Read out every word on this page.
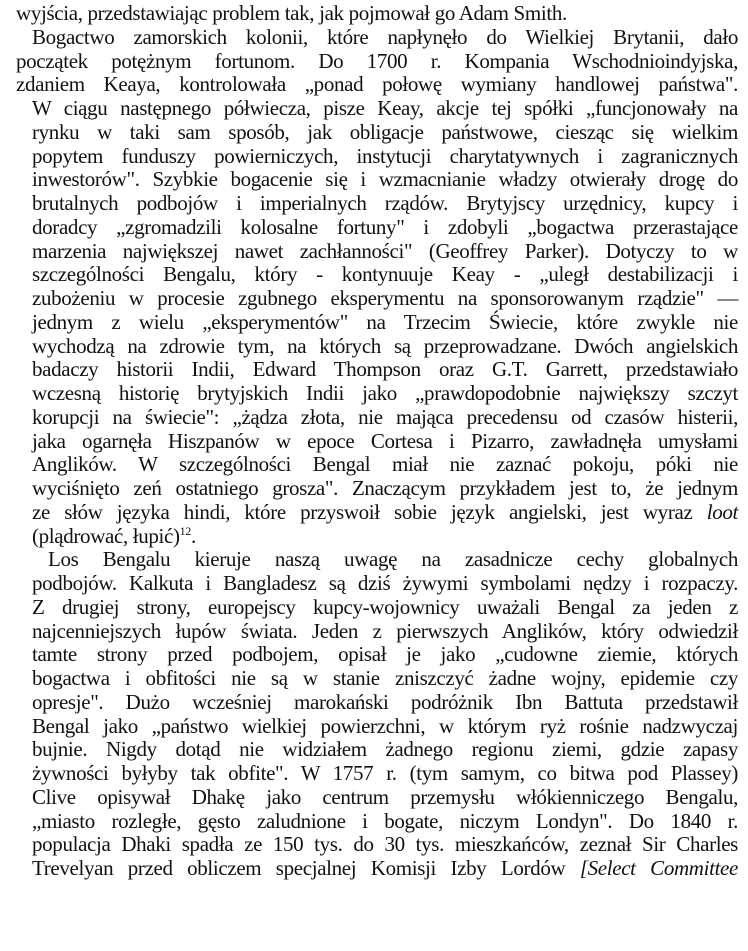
wyjścia, przedstawiając problem tak, jak pojmował go Adam Smith.
Bogactwo zamorskich kolonii, które napłynęło do Wielkiej Brytanii, dało
początek potężnym fortunom. Do 1700 r. Kompania Wschodnioindyjska,
zdaniem Keaya, kontrolowała „ponad połowę wymiany handlowej państwa".
W ciągu następnego półwiecza, pisze Keay, akcje tej spółki „funcjonowały na
rynku w taki sam sposób, jak obligacje państwowe, ciesząc się wielkim
popytem funduszy powierniczych, instytucji charytatywnych i zagranicznych
inwestorów". Szybkie bogacenie się i wzmacnianie władzy otwierały drogę do
brutalnych podbojów i imperialnych rządów. Brytyjscy urzędnicy, kupcy i
doradcy „zgromadzili kolosalne fortuny" i zdobyli „bogactwa przerastające
marzenia największej nawet zachłanności" (Geoffrey Parker). Dotyczy to w
szczególności Bengalu, który - kontynuuje Keay - „uległ destabilizacji i
zubożeniu w procesie zgubnego eksperymentu na sponsorowanym rządzie" —
jednym z wielu „eksperymentów" na Trzecim Świecie, które zwykle nie
wychodzą na zdrowie tym, na których są przeprowadzane. Dwóch angielskich
badaczy historii Indii, Edward Thompson oraz G.T. Garrett, przedstawiało
wczesną historię brytyjskich Indii jako „prawdopodobnie największy szczyt
korupcji na świecie": „żądza złota, nie mająca precedensu od czasów histerii,
jaka ogarnęła Hiszpanów w epoce Cortesa i Pizarro, zawładnęła umysłami
Anglików. W szczególności Bengal miał nie zaznać pokoju, póki nie
wyciśnięto zeń ostatniego grosza". Znaczącym przykładem jest to, że jednym
ze słów języka hindi, które przyswoił sobie język angielski, jest wyraz loot
(plądrować, łupić)$^{12}$.
Los Bengalu kieruje naszą uwagę na zasadnicze cechy globalnych
podbojów. Kalkuta i Bangladesz są dziś żywymi symbolami nędzy i rozpaczy.
Z drugiej strony, europejscy kupcy-wojownicy uważali Bengal za jeden z
najcenniejszych łupów świata. Jeden z pierwszych Anglików, który odwiedził
tamte strony przed podbojem, opisał je jako „cudowne ziemie, których
bogactwa i obfitości nie są w stanie zniszczyć żadne wojny, epidemie czy
opresje". Dużo wcześniej marokański podróżnik Ibn Battuta przedstawił
Bengal jako „państwo wielkiej powierzchni, w którym ryż rośnie nadzwyczaj
bujnie. Nigdy dotąd nie widziałem żadnego regionu ziemi, gdzie zapasy
żywności byłyby tak obfite". W 1757 r. (tym samym, co bitwa pod Plassey)
Clive opisywał Dhakę jako centrum przemysłu włókienniczego Bengalu,
„miasto rozległe, gęsto zaludnione i bogate, niczym Londyn". Do 1840 r.
populacja Dhaki spadła ze 150 tys. do 30 tys. mieszkańców, zeznał Sir Charles
Trevelyan przed obliczem specjalnej Komisji Izby Lordów [Select Committee
